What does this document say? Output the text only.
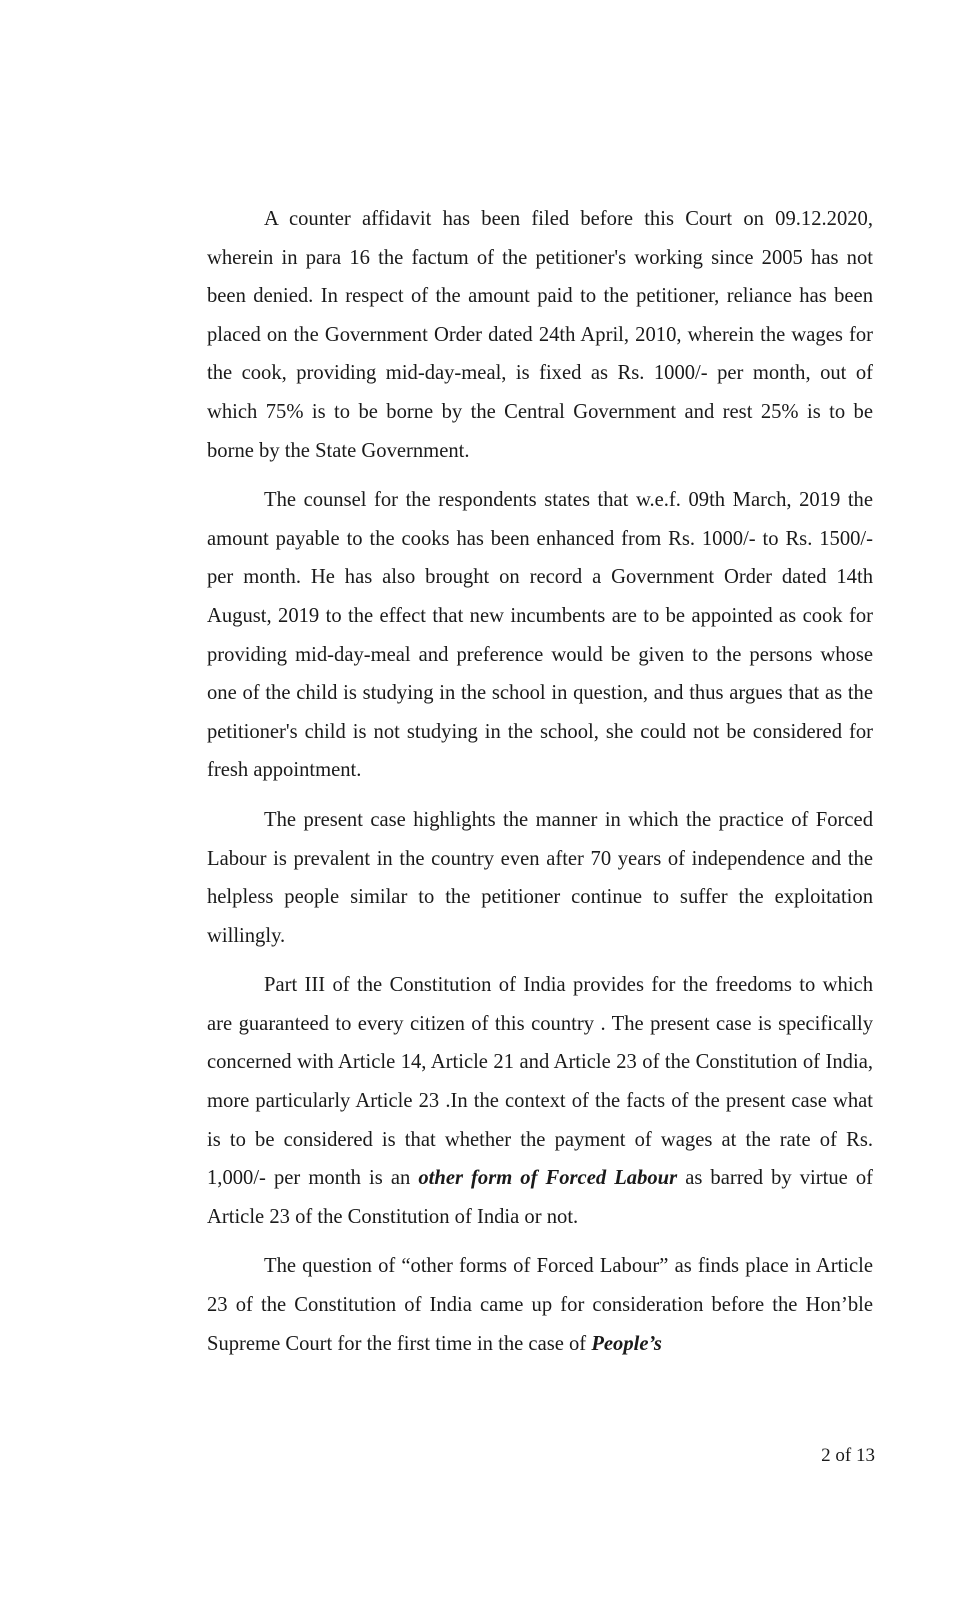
A counter affidavit has been filed before this Court on 09.12.2020, wherein in para 16 the factum of the petitioner's working since 2005 has not been denied. In respect of the amount paid to the petitioner, reliance has been placed on the Government Order dated 24th April, 2010, wherein the wages for the cook, providing mid-day-meal, is fixed as Rs. 1000/- per month, out of which 75% is to be borne by the Central Government and rest 25% is to be borne by the State Government.

The counsel for the respondents states that w.e.f. 09th March, 2019 the amount payable to the cooks has been enhanced from Rs. 1000/- to Rs. 1500/- per month. He has also brought on record a Government Order dated 14th August, 2019 to the effect that new incumbents are to be appointed as cook for providing mid-day-meal and preference would be given to the persons whose one of the child is studying in the school in question, and thus argues that as the petitioner's child is not studying in the school, she could not be considered for fresh appointment.

The present case highlights the manner in which the practice of Forced Labour is prevalent in the country even after 70 years of independence and the helpless people similar to the petitioner continue to suffer the exploitation willingly.

Part III of the Constitution of India provides for the freedoms to which are guaranteed to every citizen of this country . The present case is specifically concerned with Article 14, Article 21 and Article 23 of the Constitution of India, more particularly Article 23 .In the context of the facts of the present case what is to be considered is that whether the payment of wages at the rate of Rs. 1,000/- per month is an other form of Forced Labour as barred by virtue of Article 23 of the Constitution of India or not.

The question of “other forms of Forced Labour” as finds place in Article 23 of the Constitution of India came up for consideration before the Hon’ble Supreme Court for the first time in the case of People’s

2 of 13
